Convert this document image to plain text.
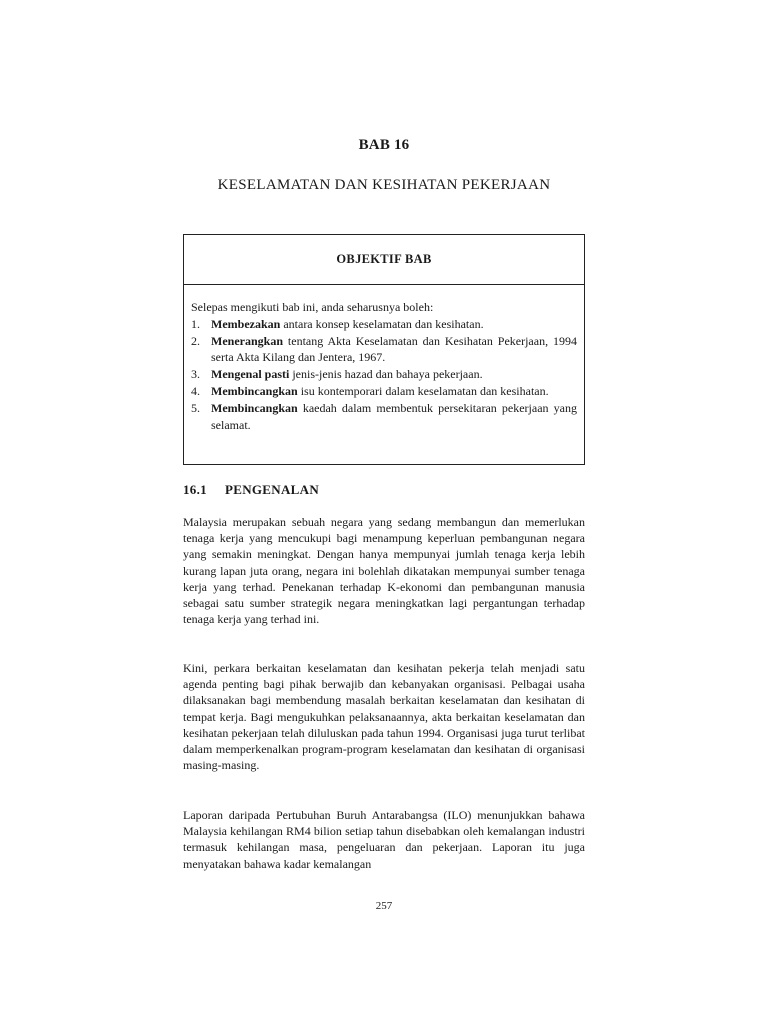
BAB 16
KESELAMATAN DAN KESIHATAN PEKERJAAN
OBJEKTIF BAB

Selepas mengikuti bab ini, anda seharusnya boleh:

1. Membezakan antara konsep keselamatan dan kesihatan.
2. Menerangkan tentang Akta Keselamatan dan Kesihatan Pekerjaan, 1994 serta Akta Kilang dan Jentera, 1967.
3. Mengenal pasti jenis-jenis hazad dan bahaya pekerjaan.
4. Membincangkan isu kontemporari dalam keselamatan dan kesihatan.
5. Membincangkan kaedah dalam membentuk persekitaran pekerjaan yang selamat.
16.1	PENGENALAN

Malaysia merupakan sebuah negara yang sedang membangun dan memerlukan tenaga kerja yang mencukupi bagi menampung keperluan pembangunan negara yang semakin meningkat. Dengan hanya mempunyai jumlah tenaga kerja lebih kurang lapan juta orang, negara ini bolehlah dikatakan mempunyai sumber tenaga kerja yang terhad. Penekanan terhadap K-ekonomi dan pembangunan manusia sebagai satu sumber strategik negara meningkatkan lagi pergantungan terhadap tenaga kerja yang terhad ini.

Kini, perkara berkaitan keselamatan dan kesihatan pekerja telah menjadi satu agenda penting bagi pihak berwajib dan kebanyakan organisasi. Pelbagai usaha dilaksanakan bagi membendung masalah berkaitan keselamatan dan kesihatan di tempat kerja. Bagi mengukuhkan pelaksanaannya, akta berkaitan keselamatan dan kesihatan pekerjaan telah diluluskan pada tahun 1994. Organisasi juga turut terlibat dalam memperkenalkan program-program keselamatan dan kesihatan di organisasi masing-masing.

Laporan daripada Pertubuhan Buruh Antarabangsa (ILO) menunjukkan bahawa Malaysia kehilangan RM4 bilion setiap tahun disebabkan oleh kemalangan industri termasuk kehilangan masa, pengeluaran dan pekerjaan. Laporan itu juga menyatakan bahawa kadar kemalangan

257
